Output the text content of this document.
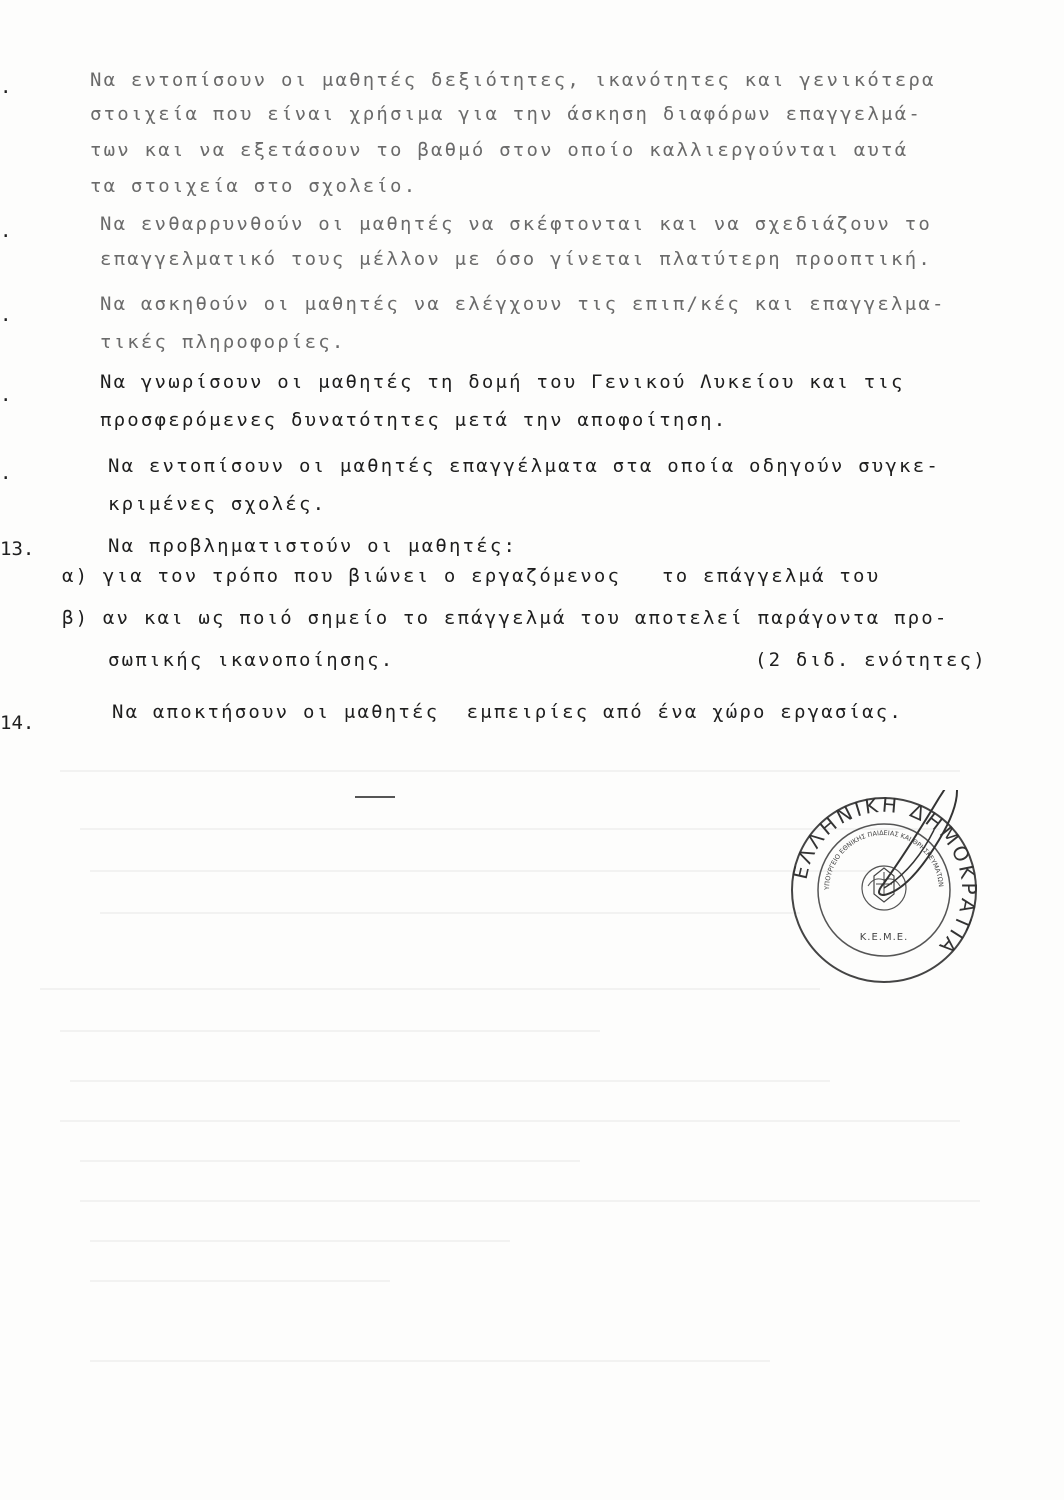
.
.
.
.
.
Να εντοπίσουν οι μαθητές δεξιότητες, ικανότητες και γενικότερα
στοιχεία που είναι χρήσιμα για την άσκηση διαφόρων επαγγελμά-
των και να εξετάσουν το βαθμό στον οποίο καλλιεργούνται αυτά
τα στοιχεία στο σχολείο.
Να ενθαρρυνθούν οι μαθητές να σκέφτονται και να σχεδιάζουν το
επαγγελματικό τους μέλλον με όσο γίνεται πλατύτερη προοπτική.
Να ασκηθούν οι μαθητές να ελέγχουν τις επιπ/κές και επαγγελμα-
τικές πληροφορίες.
Να γνωρίσουν οι μαθητές τη δομή του Γενικού Λυκείου και τις
προσφερόμενες δυνατότητες μετά την αποφοίτηση.
Να εντοπίσουν οι μαθητές επαγγέλματα στα οποία οδηγούν συγκε-
κριμένες σχολές.
13.	Να προβληματιστούν οι μαθητές:
α) για τον τρόπο που βιώνει ο εργαζόμενος   το επάγγελμά του
β) αν και ως ποιό σημείο το επάγγελμά του αποτελεί παράγοντα προ-
σωπικής ικανοποίησης.	(2 διδ. ενότητες)
14.	Να αποκτήσουν οι μαθητές  εμπειρίες από ένα χώρο εργασίας.
ΕΛΛΗΝΙΚΗ ΔΗΜΟΚΡΑΤΙΑ
ΥΠΟΥΡΓΕΙΟ ΕΘΝΙΚΗΣ ΠΑΙΔΕΙΑΣ ΚΑΙ ΘΡΗΣΚΕΥΜΑΤΩΝ
Κ.Ε.Μ.Ε.
